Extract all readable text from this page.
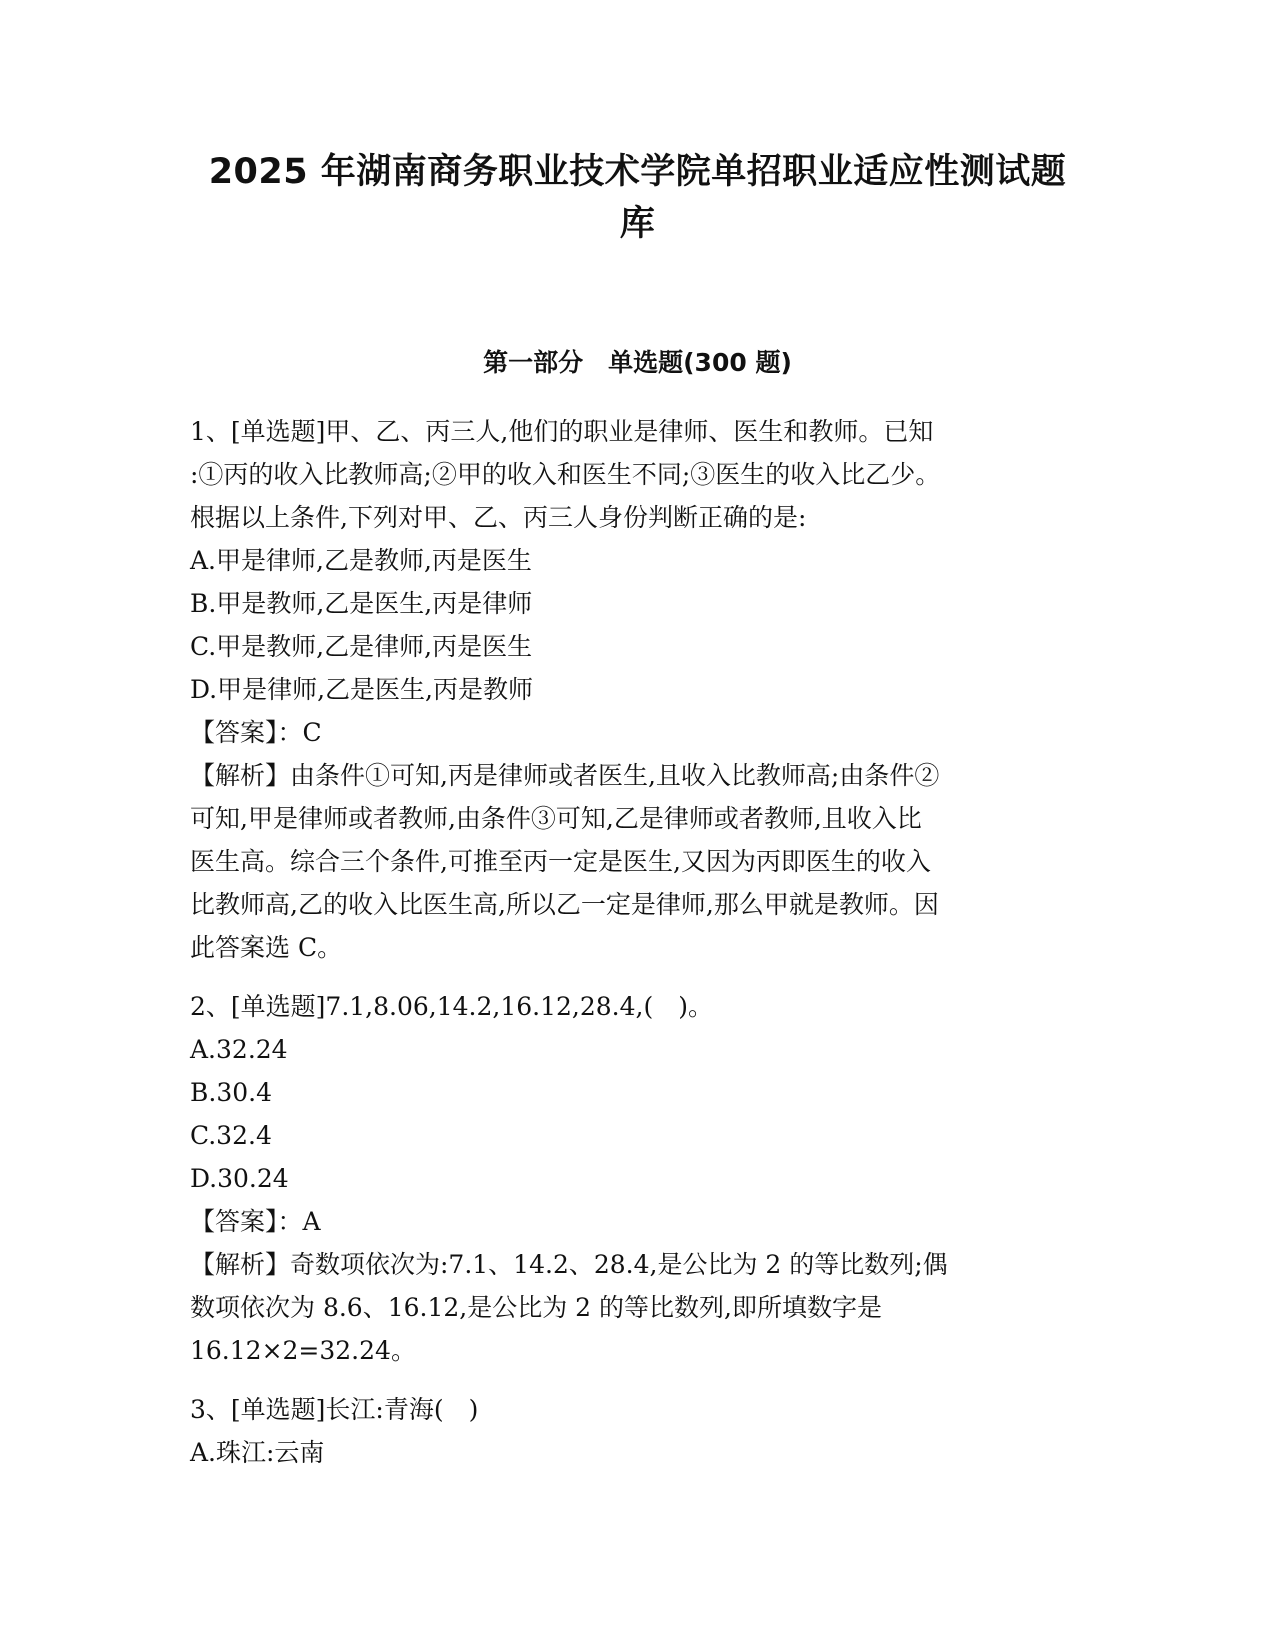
2025 年湖南商务职业技术学院单招职业适应性测试题
库
第一部分　单选题(300 题)
1、[单选题]甲、乙、丙三人,他们的职业是律师、医生和教师。已知
:①丙的收入比教师高;②甲的收入和医生不同;③医生的收入比乙少。
根据以上条件,下列对甲、乙、丙三人身份判断正确的是:
A.甲是律师,乙是教师,丙是医生
B.甲是教师,乙是医生,丙是律师
C.甲是教师,乙是律师,丙是医生
D.甲是律师,乙是医生,丙是教师
【答案】：C
【解析】由条件①可知,丙是律师或者医生,且收入比教师高;由条件②
可知,甲是律师或者教师,由条件③可知,乙是律师或者教师,且收入比
医生高。综合三个条件,可推至丙一定是医生,又因为丙即医生的收入
比教师高,乙的收入比医生高,所以乙一定是律师,那么甲就是教师。因
此答案选 C。
2、[单选题]7.1,8.06,14.2,16.12,28.4,(　)。
A.32.24
B.30.4
C.32.4
D.30.24
【答案】：A
【解析】奇数项依次为:7.1、14.2、28.4,是公比为 2 的等比数列;偶
数项依次为 8.6、16.12,是公比为 2 的等比数列,即所填数字是
16.12×2=32.24。
3、[单选题]长江:青海(　)
A.珠江:云南
